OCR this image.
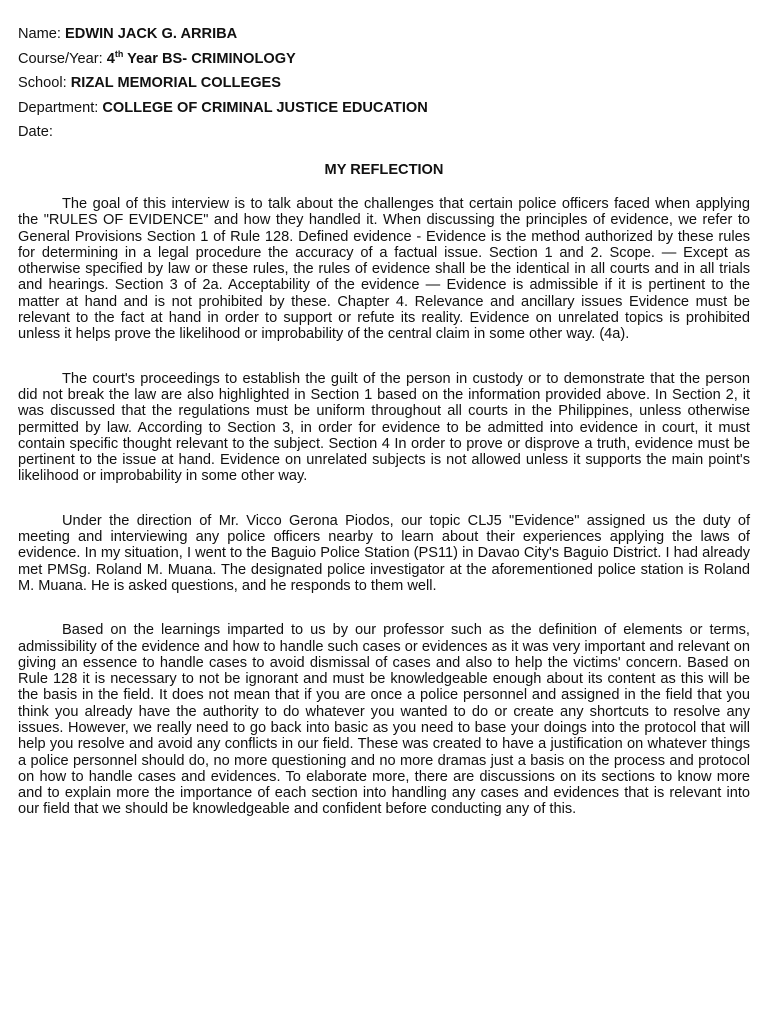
Name: EDWIN JACK G. ARRIBA
Course/Year: 4th Year BS- CRIMINOLOGY
School: RIZAL MEMORIAL COLLEGES
Department: COLLEGE OF CRIMINAL JUSTICE EDUCATION
Date:
MY REFLECTION

The goal of this interview is to talk about the challenges that certain police officers faced when applying the "RULES OF EVIDENCE" and how they handled it. When discussing the principles of evidence, we refer to General Provisions Section 1 of Rule 128. Defined evidence - Evidence is the method authorized by these rules for determining in a legal procedure the accuracy of a factual issue. Section 1 and 2. Scope. — Except as otherwise specified by law or these rules, the rules of evidence shall be the identical in all courts and in all trials and hearings. Section 3 of 2a. Acceptability of the evidence — Evidence is admissible if it is pertinent to the matter at hand and is not prohibited by these. Chapter 4. Relevance and ancillary issues Evidence must be relevant to the fact at hand in order to support or refute its reality. Evidence on unrelated topics is prohibited unless it helps prove the likelihood or improbability of the central claim in some other way. (4a).

The court's proceedings to establish the guilt of the person in custody or to demonstrate that the person did not break the law are also highlighted in Section 1 based on the information provided above. In Section 2, it was discussed that the regulations must be uniform throughout all courts in the Philippines, unless otherwise permitted by law. According to Section 3, in order for evidence to be admitted into evidence in court, it must contain specific thought relevant to the subject. Section 4 In order to prove or disprove a truth, evidence must be pertinent to the issue at hand. Evidence on unrelated subjects is not allowed unless it supports the main point's likelihood or improbability in some other way.

Under the direction of Mr. Vicco Gerona Piodos, our topic CLJ5 "Evidence" assigned us the duty of meeting and interviewing any police officers nearby to learn about their experiences applying the laws of evidence. In my situation, I went to the Baguio Police Station (PS11) in Davao City's Baguio District. I had already met PMSg. Roland M. Muana. The designated police investigator at the aforementioned police station is Roland M. Muana. He is asked questions, and he responds to them well.

Based on the learnings imparted to us by our professor such as the definition of elements or terms, admissibility of the evidence and how to handle such cases or evidences as it was very important and relevant on giving an essence to handle cases to avoid dismissal of cases and also to help the victims' concern. Based on Rule 128 it is necessary to not be ignorant and must be knowledgeable enough about its content as this will be the basis in the field. It does not mean that if you are once a police personnel and assigned in the field that you think you already have the authority to do whatever you wanted to do or create any shortcuts to resolve any issues. However, we really need to go back into basic as you need to base your doings into the protocol that will help you resolve and avoid any conflicts in our field. These was created to have a justification on whatever things a police personnel should do, no more questioning and no more dramas just a basis on the process and protocol on how to handle cases and evidences. To elaborate more, there are discussions on its sections to know more and to explain more the importance of each section into handling any cases and evidences that is relevant into our field that we should be knowledgeable and confident before conducting any of this.
